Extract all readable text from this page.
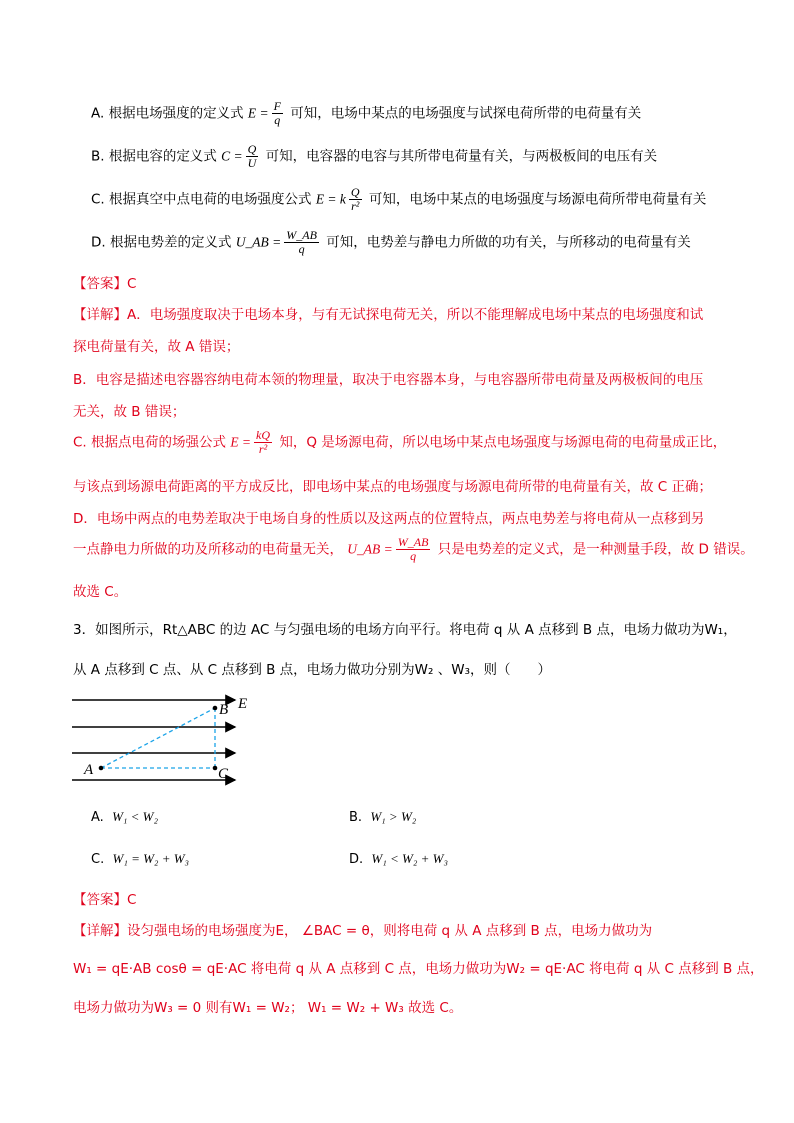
A. 根据电场强度的定义式 $E = \frac{F}{q}$ 可知，电场中某点的电场强度与试探电荷所带的电荷量有关
B. 根据电容的定义式 $C = \frac{Q}{U}$ 可知，电容器的电容与其所带电荷量有关，与两极板间的电压有关
C. 根据真空中点电荷的电场强度公式 E = k $\frac{Q}{\text{r²}}$ 可知，电场中某点的电场强度与场源电荷所带电荷量有关
D. 根据电势差的定义式 U_AB = $\frac{W\_AB}{q}$ 可知，电势差与静电力所做的功有关，与所移动的电荷量有关
【答案】C
【详解】A．电场强度取决于电场本身，与有无试探电荷无关，所以不能理解成电场中某点的电场强度和试
探电荷量有关，故 A 错误；
B．电容是描述电容器容纳电荷本领的物理量，取决于电容器本身，与电容器所带电荷量及两极板间的电压
无关，故 B 错误；
C. 根据点电荷的场强公式 $E = \frac{kQ}{\text{r²}}$ 知，Q 是场源电荷，所以电场中某点电场强度与场源电荷的电荷量成正比，
与该点到场源电荷距离的平方成反比，即电场中某点的电场强度与场源电荷所带的电荷量有关，故 C 正确；
D．电场中两点的电势差取决于电场自身的性质以及这两点的位置特点，两点电势差与将电荷从一点移到另
一点静电力所做的功及所移动的电荷量无关， U_AB = $\frac{W\_AB}{q}$ 只是电势差的定义式，是一种测量手段，故 D 错误。
故选 C。
3．如图所示，Rt△ABC 的边 AC 与匀强电场的电场方向平行。将电荷 q 从 A 点移到 B 点，电场力做功为W₁，
从 A 点移到 C 点、从 C 点移到 B 点，电场力做功分别为W₂ 、W₃，则（　　）
E
A
B
C
A. W₁ < W₂	B. W₁ > W₂
C. W₁ = W₂ + W₃	D. W₁ < W₂ + W₃
【答案】C
【详解】设匀强电场的电场强度为E， ∠BAC = θ，则将电荷 q 从 A 点移到 B 点，电场力做功为
W₁ = qE·AB cosθ = qE·AC 将电荷 q 从 A 点移到 C 点，电场力做功为W₂ = qE·AC 将电荷 q 从 C 点移到 B 点，
电场力做功为W₃ = 0 则有W₁ = W₂； W₁ = W₂ + W₃ 故选 C。
